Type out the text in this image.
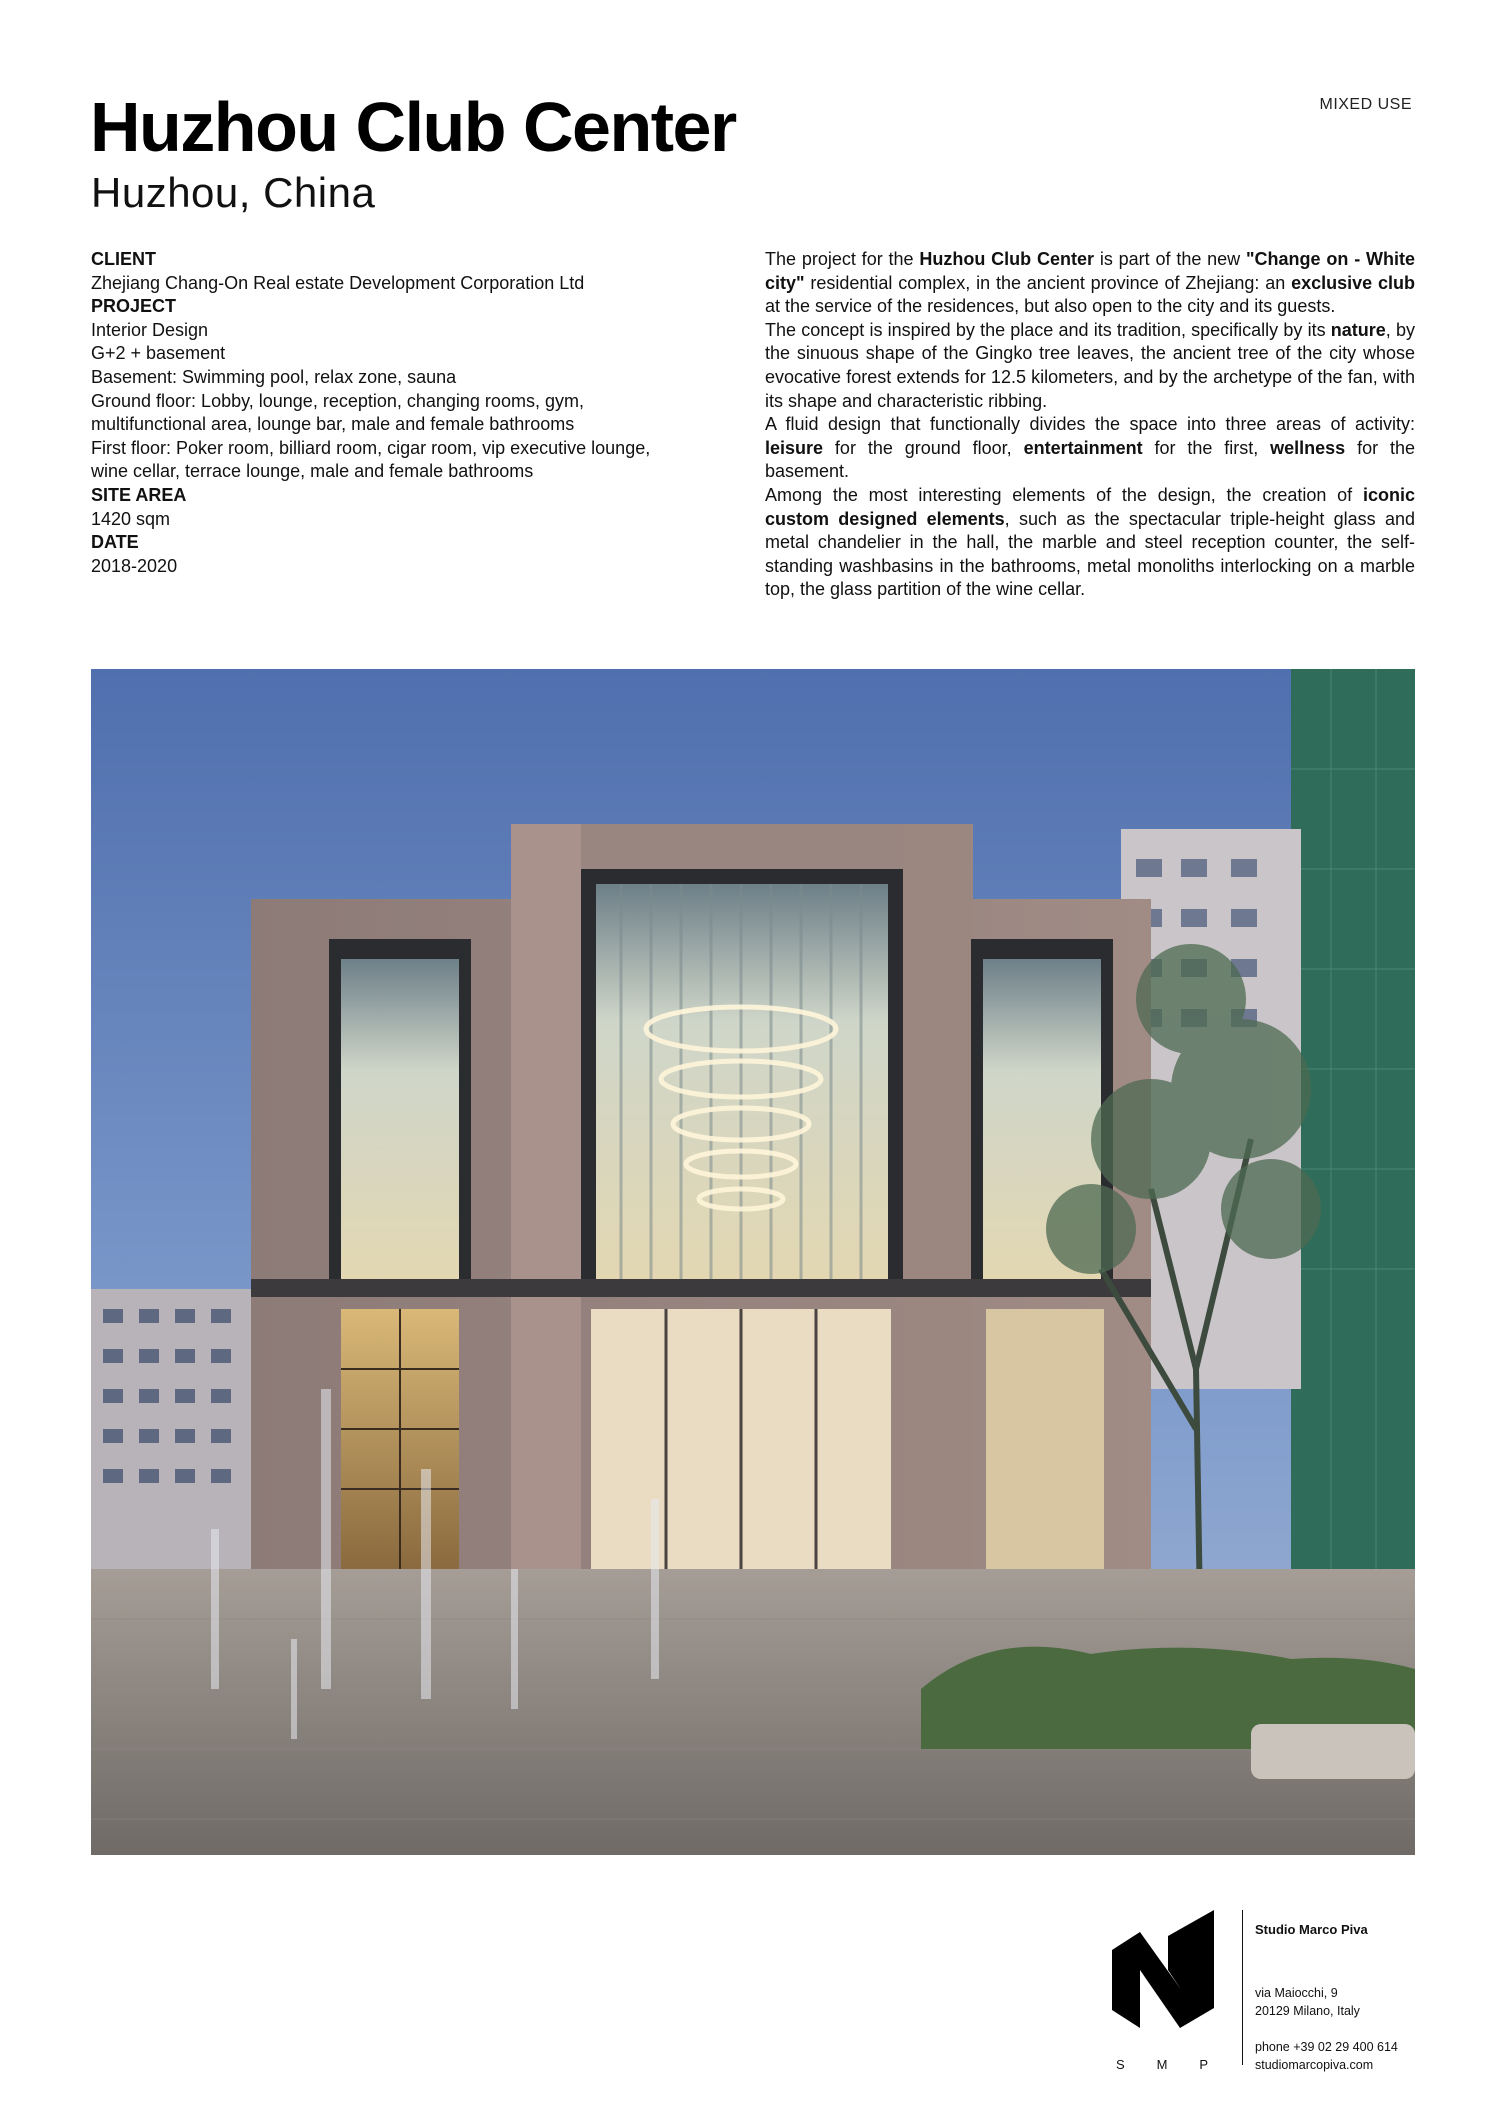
MIXED USE
Huzhou Club Center
Huzhou, China
CLIENT
Zhejiang Chang-On Real estate Development Corporation Ltd
PROJECT
Interior Design
G+2 + basement
Basement: Swimming pool, relax zone, sauna
Ground floor: Lobby, lounge, reception, changing rooms, gym,
multifunctional area, lounge bar, male and female bathrooms
First floor: Poker room, billiard room, cigar room, vip executive lounge,
wine cellar, terrace lounge, male and female bathrooms
SITE AREA
1420 sqm
DATE
2018-2020

The project for the Huzhou Club Center is part of the new "Change on - White city" residential complex, in the ancient province of Zhejiang: an exclusive club at the service of the residences, but also open to the city and its guests.

The concept is inspired by the place and its tradition, specifically by its nature, by the sinuous shape of the Gingko tree leaves, the ancient tree of the city whose evocative forest extends for 12.5 kilometers, and by the archetype of the fan, with its shape and characteristic ribbing.

A fluid design that functionally divides the space into three areas of activity: leisure for the ground floor, entertainment for the first, wellness for the basement.

Among the most interesting elements of the design, the creation of iconic custom designed elements, such as the spectacular triple-height glass and metal chandelier in the hall, the marble and steel reception counter, the self-standing washbasins in the bathrooms, metal monoliths interlocking on a marble top, the glass partition of the wine cellar.

S M P
Studio Marco Piva
via Maiocchi, 9
20129 Milano, Italy
phone +39 02 29 400 614
studiomarcopiva.com
